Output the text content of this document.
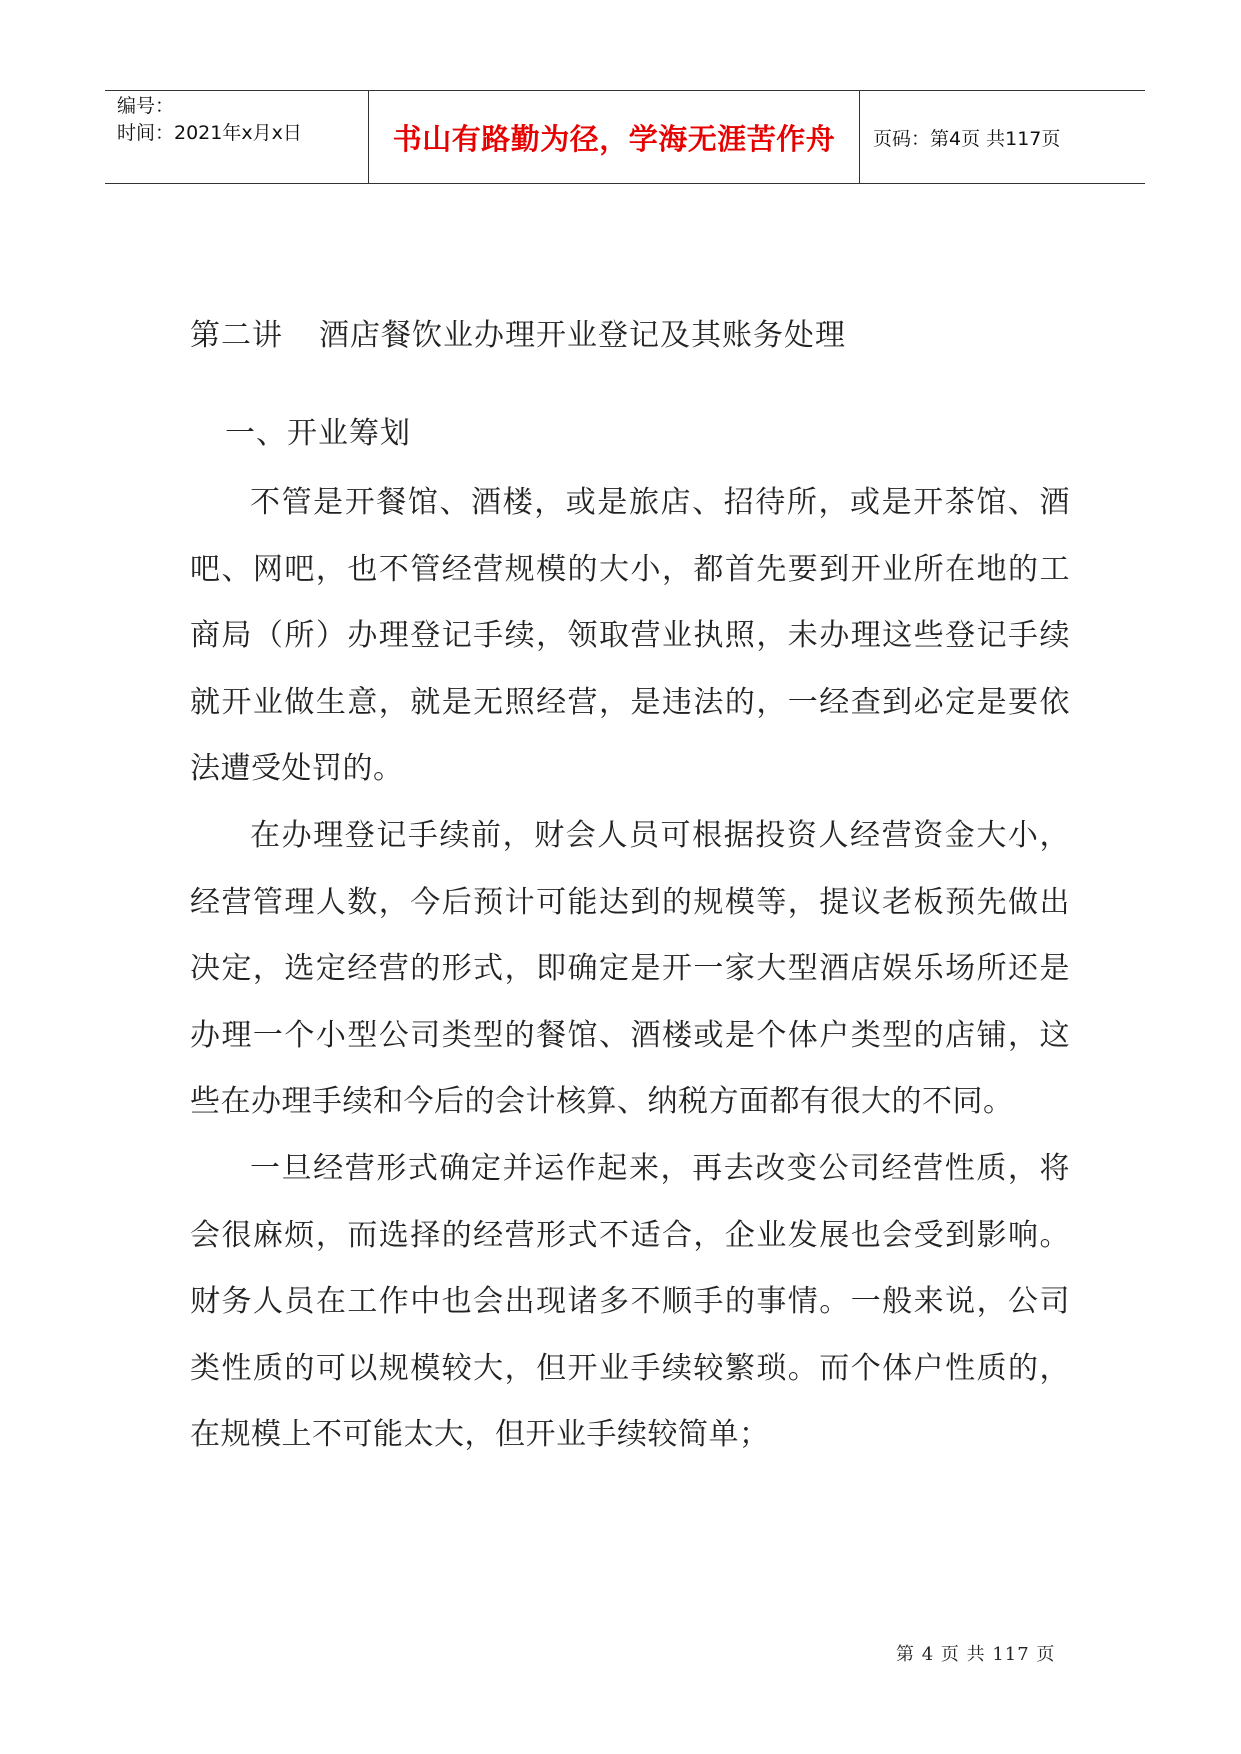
编号：
时间：2021年x月x日	书山有路勤为径，学海无涯苦作舟	页码：第4页 共117页
第二讲 酒店餐饮业办理开业登记及其账务处理
一、开业筹划

不管是开餐馆、酒楼，或是旅店、招待所，或是开茶馆、酒吧、网吧，也不管经营规模的大小，都首先要到开业所在地的工商局（所）办理登记手续，领取营业执照，未办理这些登记手续就开业做生意，就是无照经营，是违法的，一经查到必定是要依法遭受处罚的。

在办理登记手续前，财会人员可根据投资人经营资金大小，经营管理人数，今后预计可能达到的规模等，提议老板预先做出决定，选定经营的形式，即确定是开一家大型酒店娱乐场所还是办理一个小型公司类型的餐馆、酒楼或是个体户类型的店铺，这些在办理手续和今后的会计核算、纳税方面都有很大的不同。

一旦经营形式确定并运作起来，再去改变公司经营性质，将会很麻烦，而选择的经营形式不适合，企业发展也会受到影响。财务人员在工作中也会出现诸多不顺手的事情。一般来说，公司类性质的可以规模较大，但开业手续较繁琐。而个体户性质的，在规模上不可能太大，但开业手续较简单；

第 4 页 共 117 页
